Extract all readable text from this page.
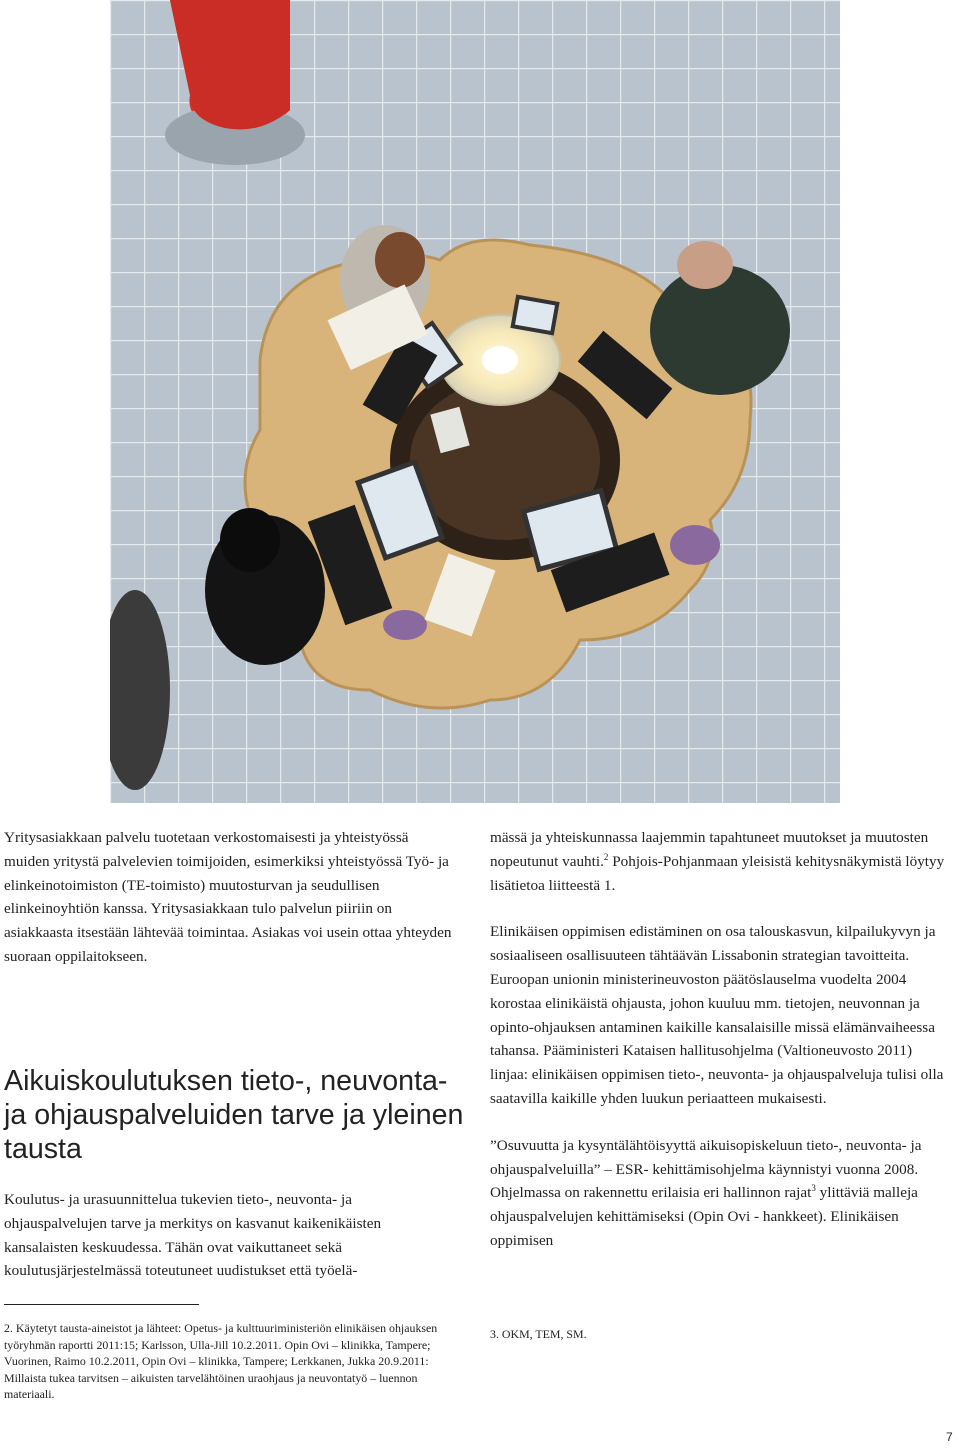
Yritysasiakkaan palvelu tuotetaan verkostomaisesti ja yhteistyössä muiden yritystä palvelevien toimijoiden, esimerkiksi yhteistyössä Työ- ja elinkeinotoimiston (TE-toimisto) muutosturvan ja seudullisen elinkeinoyhtiön kanssa. Yritysasiakkaan tulo palvelun piiriin on asiakkaasta itsestään lähtevää toimintaa. Asiakas voi usein ottaa yhteyden suoraan oppilaitokseen.

Aikuiskoulutuksen tieto-, neuvonta- ja ohjauspalveluiden tarve ja yleinen tausta

Koulutus- ja urasuunnittelua tukevien tieto-, neuvonta- ja ohjauspalvelujen tarve ja merkitys on kasvanut kaikenikäisten kansalaisten keskuudessa. Tähän ovat vaikuttaneet sekä koulutusjärjestelmässä toteutuneet uudistukset että työelä-

2. Käytetyt tausta-aineistot ja lähteet: Opetus- ja kulttuuriministeriön elinikäisen ohjauksen työryhmän raportti 2011:15; Karlsson, Ulla-Jill 10.2.2011. Opin Ovi – klinikka, Tampere; Vuorinen, Raimo 10.2.2011, Opin Ovi – klinikka, Tampere; Lerkkanen, Jukka 20.9.2011: Millaista tukea tarvitsen – aikuisten tarvelähtöinen uraohjaus ja neuvontatyö – luennon materiaali.

mässä ja yhteiskunnassa laajemmin tapahtuneet muutokset ja muutosten nopeutunut vauhti.$^2$ Pohjois-Pohjanmaan yleisistä kehitysnäkymistä löytyy lisätietoa liitteestä 1.

Elinikäisen oppimisen edistäminen on osa talouskasvun, kilpailukyvyn ja sosiaaliseen osallisuuteen tähtäävän Lissabonin strategian tavoitteita. Euroopan unionin ministerineuvoston päätöslauselma vuodelta 2004 korostaa elinikäistä ohjausta, johon kuuluu mm. tietojen, neuvonnan ja opinto-ohjauksen antaminen kaikille kansalaisille missä elämänvaiheessa tahansa. Pääministeri Kataisen hallitusohjelma (Valtioneuvosto 2011) linjaa: elinikäisen oppimisen tieto-, neuvonta- ja ohjauspalveluja tulisi olla saatavilla kaikille yhden luukun periaatteen mukaisesti.

”Osuvuutta ja kysyntälähtöisyyttä aikuisopiskeluun tieto-, neuvonta- ja ohjauspalveluilla” – ESR- kehittämisohjelma käynnistyi vuonna 2008. Ohjelmassa on rakennettu erilaisia eri hallinnon rajat$^3$ ylittäviä malleja ohjauspalvelujen kehittämiseksi (Opin Ovi - hankkeet). Elinikäisen oppimisen

3. OKM, TEM, SM.
7
